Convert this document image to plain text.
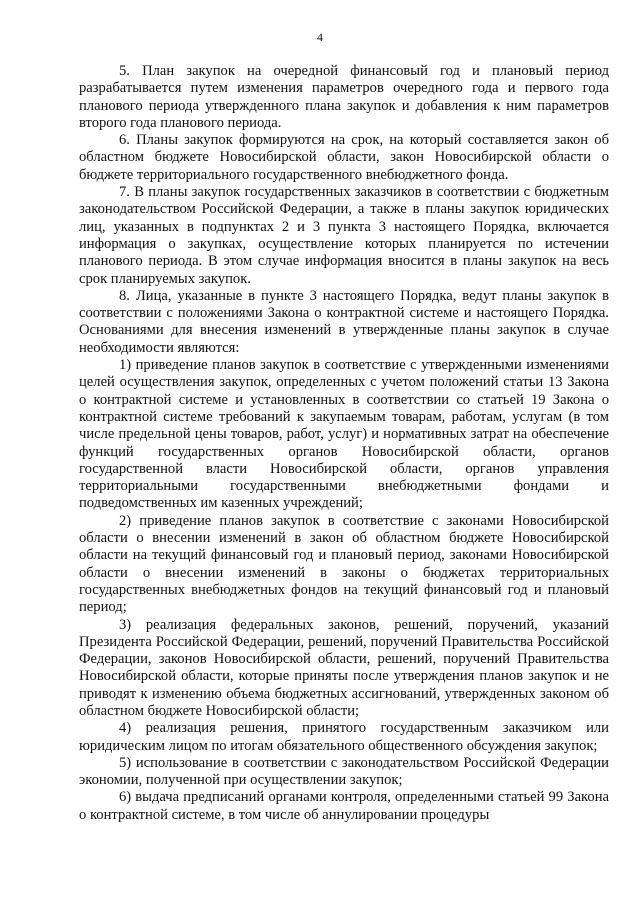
4

5. План закупок на очередной финансовый год и плановый период разрабатывается путем изменения параметров очередного года и первого года планового периода утвержденного плана закупок и добавления к ним параметров второго года планового периода.

6. Планы закупок формируются на срок, на который составляется закон об областном бюджете Новосибирской области, закон Новосибирской области о бюджете территориального государственного внебюджетного фонда.

7. В планы закупок государственных заказчиков в соответствии с бюджетным законодательством Российской Федерации, а также в планы закупок юридических лиц, указанных в подпунктах 2 и 3 пункта 3 настоящего Порядка, включается информация о закупках, осуществление которых планируется по истечении планового периода. В этом случае информация вносится в планы закупок на весь срок планируемых закупок.

8. Лица, указанные в пункте 3 настоящего Порядка, ведут планы закупок в соответствии с положениями Закона о контрактной системе и настоящего Порядка. Основаниями для внесения изменений в утвержденные планы закупок в случае необходимости являются:

1) приведение планов закупок в соответствие с утвержденными изменениями целей осуществления закупок, определенных с учетом положений статьи 13 Закона о контрактной системе и установленных в соответствии со статьей 19 Закона о контрактной системе требований к закупаемым товарам, работам, услугам (в том числе предельной цены товаров, работ, услуг) и нормативных затрат на обеспечение функций государственных органов Новосибирской области, органов государственной власти Новосибирской области, органов управления территориальными государственными внебюджетными фондами и подведомственных им казенных учреждений;

2) приведение планов закупок в соответствие с законами Новосибирской области о внесении изменений в закон об областном бюджете Новосибирской области на текущий финансовый год и плановый период, законами Новосибирской области о внесении изменений в законы о бюджетах территориальных государственных внебюджетных фондов на текущий финансовый год и плановый период;

3) реализация федеральных законов, решений, поручений, указаний Президента Российской Федерации, решений, поручений Правительства Российской Федерации, законов Новосибирской области, решений, поручений Правительства Новосибирской области, которые приняты после утверждения планов закупок и не приводят к изменению объема бюджетных ассигнований, утвержденных законом об областном бюджете Новосибирской области;

4) реализация решения, принятого государственным заказчиком или юридическим лицом по итогам обязательного общественного обсуждения закупок;

5) использование в соответствии с законодательством Российской Федерации экономии, полученной при осуществлении закупок;

6) выдача предписаний органами контроля, определенными статьей 99 Закона о контрактной системе, в том числе об аннулировании процедуры
